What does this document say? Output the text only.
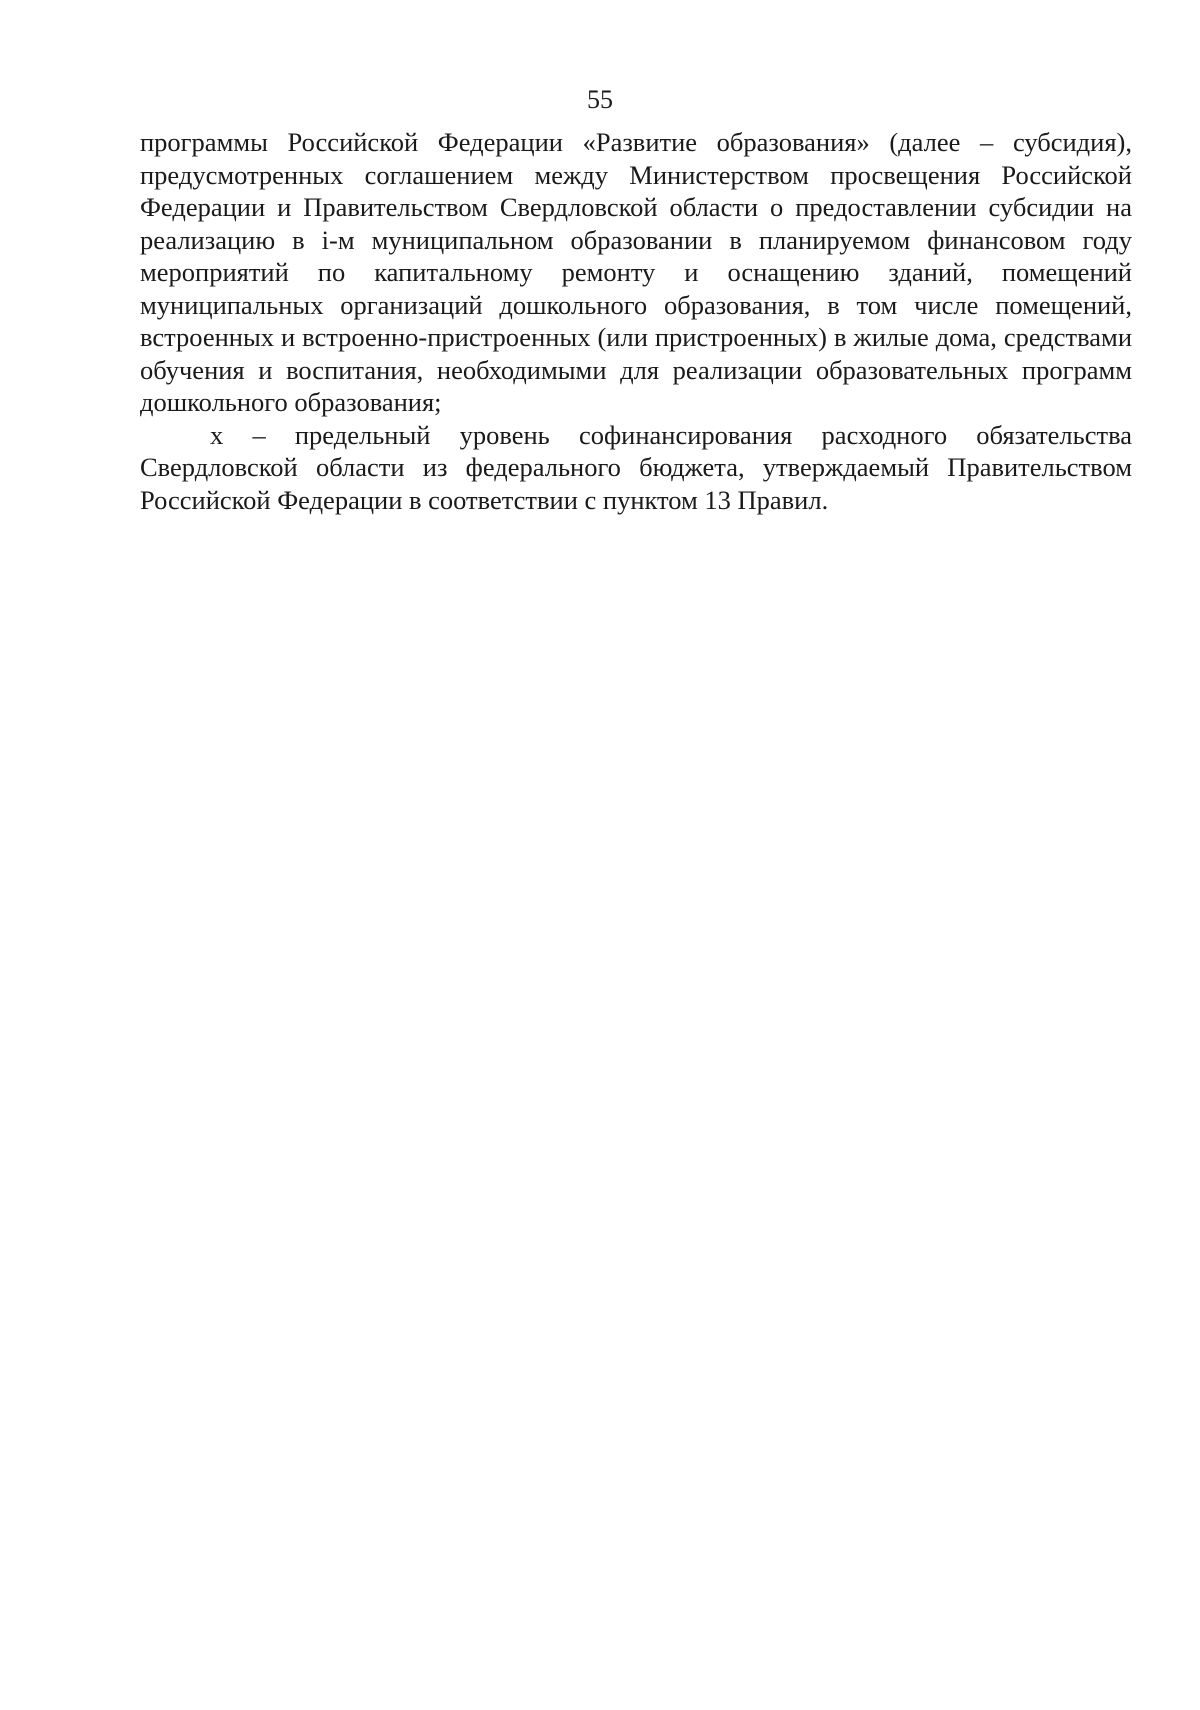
55

программы Российской Федерации «Развитие образования» (далее – субсидия), предусмотренных соглашением между Министерством просвещения Российской Федерации и Правительством Свердловской области о предоставлении субсидии на реализацию в i-м муниципальном образовании в планируемом финансовом году мероприятий по капитальному ремонту и оснащению зданий, помещений муниципальных организаций дошкольного образования, в том числе помещений, встроенных и встроенно-пристроенных (или пристроенных) в жилые дома, средствами обучения и воспитания, необходимыми для реализации образовательных программ дошкольного образования;

x – предельный уровень софинансирования расходного обязательства Свердловской области из федерального бюджета, утверждаемый Правительством Российской Федерации в соответствии с пунктом 13 Правил.
